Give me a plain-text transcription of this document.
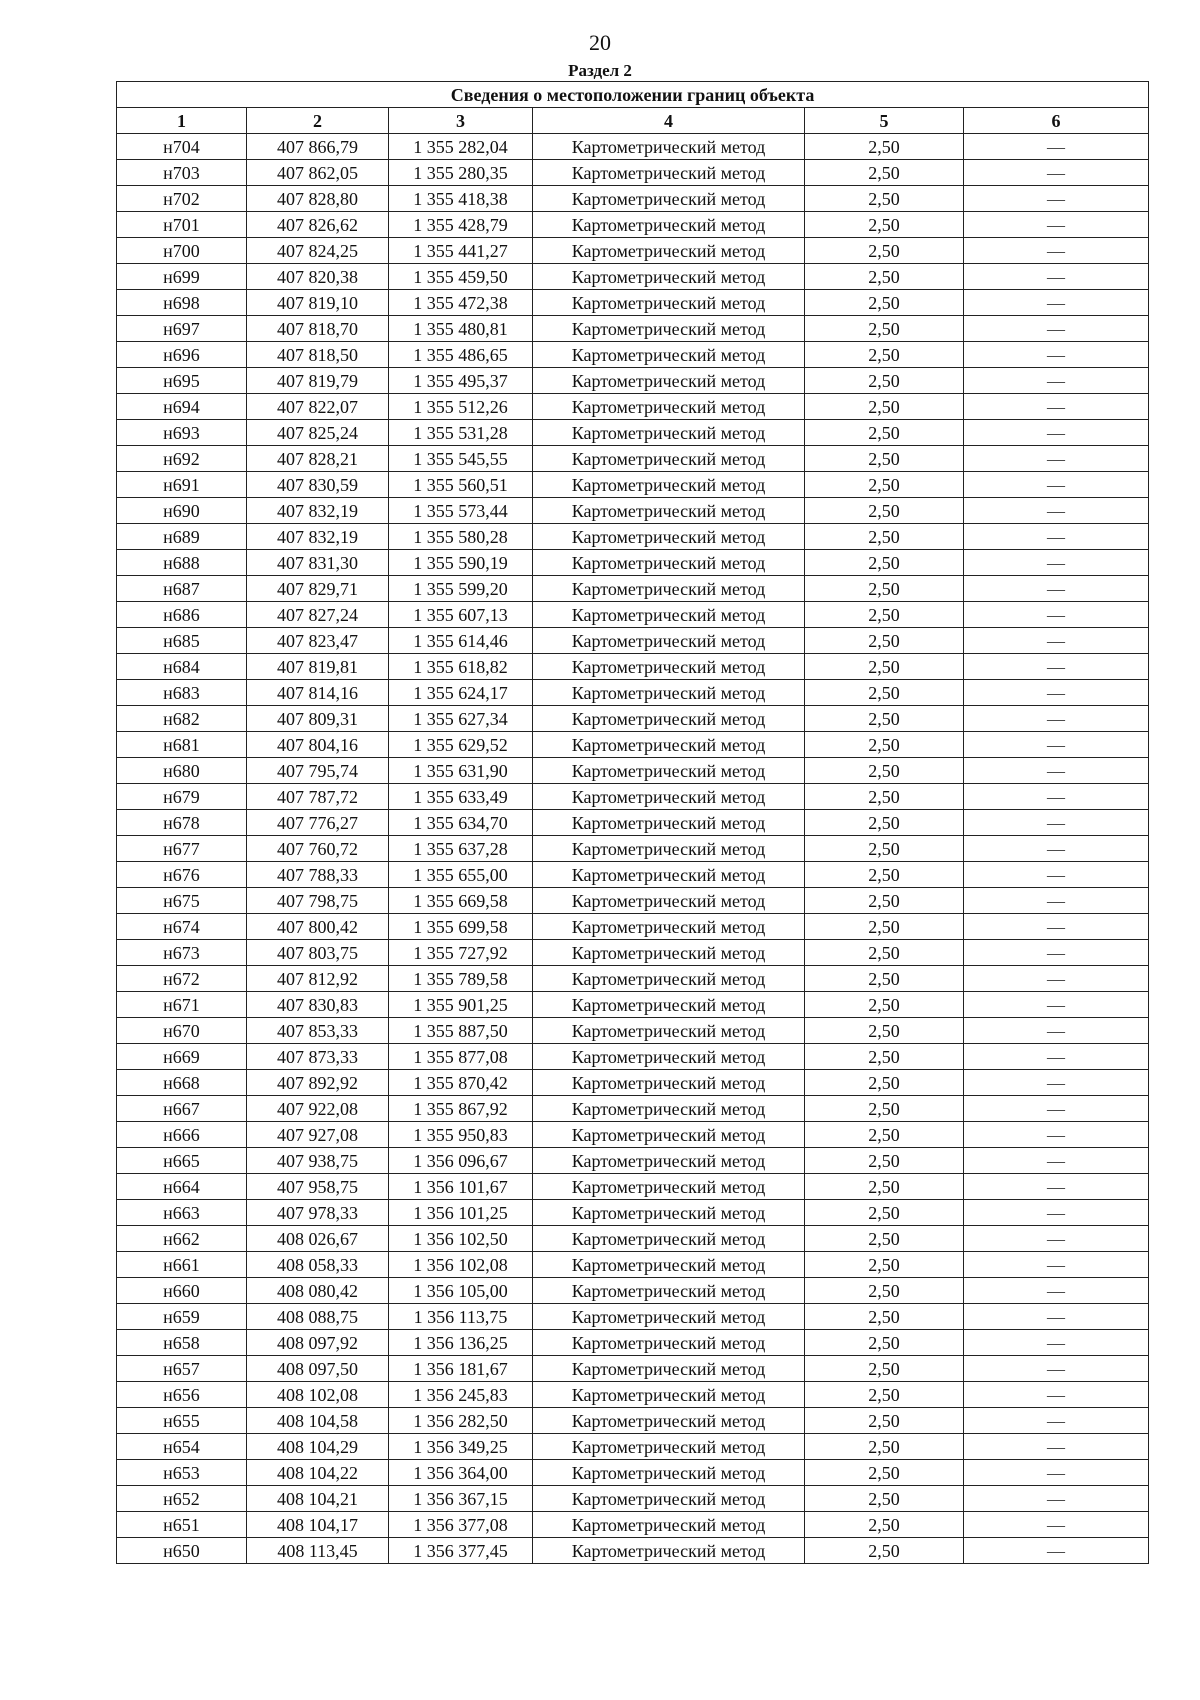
20
Раздел 2
Сведения о местоположении границ объекта					
1	2	3	4	5	6
н704	407 866,79	1 355 282,04	Картометрический метод	2,50	—
н703	407 862,05	1 355 280,35	Картометрический метод	2,50	—
н702	407 828,80	1 355 418,38	Картометрический метод	2,50	—
н701	407 826,62	1 355 428,79	Картометрический метод	2,50	—
н700	407 824,25	1 355 441,27	Картометрический метод	2,50	—
н699	407 820,38	1 355 459,50	Картометрический метод	2,50	—
н698	407 819,10	1 355 472,38	Картометрический метод	2,50	—
н697	407 818,70	1 355 480,81	Картометрический метод	2,50	—
н696	407 818,50	1 355 486,65	Картометрический метод	2,50	—
н695	407 819,79	1 355 495,37	Картометрический метод	2,50	—
н694	407 822,07	1 355 512,26	Картометрический метод	2,50	—
н693	407 825,24	1 355 531,28	Картометрический метод	2,50	—
н692	407 828,21	1 355 545,55	Картометрический метод	2,50	—
н691	407 830,59	1 355 560,51	Картометрический метод	2,50	—
н690	407 832,19	1 355 573,44	Картометрический метод	2,50	—
н689	407 832,19	1 355 580,28	Картометрический метод	2,50	—
н688	407 831,30	1 355 590,19	Картометрический метод	2,50	—
н687	407 829,71	1 355 599,20	Картометрический метод	2,50	—
н686	407 827,24	1 355 607,13	Картометрический метод	2,50	—
н685	407 823,47	1 355 614,46	Картометрический метод	2,50	—
н684	407 819,81	1 355 618,82	Картометрический метод	2,50	—
н683	407 814,16	1 355 624,17	Картометрический метод	2,50	—
н682	407 809,31	1 355 627,34	Картометрический метод	2,50	—
н681	407 804,16	1 355 629,52	Картометрический метод	2,50	—
н680	407 795,74	1 355 631,90	Картометрический метод	2,50	—
н679	407 787,72	1 355 633,49	Картометрический метод	2,50	—
н678	407 776,27	1 355 634,70	Картометрический метод	2,50	—
н677	407 760,72	1 355 637,28	Картометрический метод	2,50	—
н676	407 788,33	1 355 655,00	Картометрический метод	2,50	—
н675	407 798,75	1 355 669,58	Картометрический метод	2,50	—
н674	407 800,42	1 355 699,58	Картометрический метод	2,50	—
н673	407 803,75	1 355 727,92	Картометрический метод	2,50	—
н672	407 812,92	1 355 789,58	Картометрический метод	2,50	—
н671	407 830,83	1 355 901,25	Картометрический метод	2,50	—
н670	407 853,33	1 355 887,50	Картометрический метод	2,50	—
н669	407 873,33	1 355 877,08	Картометрический метод	2,50	—
н668	407 892,92	1 355 870,42	Картометрический метод	2,50	—
н667	407 922,08	1 355 867,92	Картометрический метод	2,50	—
н666	407 927,08	1 355 950,83	Картометрический метод	2,50	—
н665	407 938,75	1 356 096,67	Картометрический метод	2,50	—
н664	407 958,75	1 356 101,67	Картометрический метод	2,50	—
н663	407 978,33	1 356 101,25	Картометрический метод	2,50	—
н662	408 026,67	1 356 102,50	Картометрический метод	2,50	—
н661	408 058,33	1 356 102,08	Картометрический метод	2,50	—
н660	408 080,42	1 356 105,00	Картометрический метод	2,50	—
н659	408 088,75	1 356 113,75	Картометрический метод	2,50	—
н658	408 097,92	1 356 136,25	Картометрический метод	2,50	—
н657	408 097,50	1 356 181,67	Картометрический метод	2,50	—
н656	408 102,08	1 356 245,83	Картометрический метод	2,50	—
н655	408 104,58	1 356 282,50	Картометрический метод	2,50	—
н654	408 104,29	1 356 349,25	Картометрический метод	2,50	—
н653	408 104,22	1 356 364,00	Картометрический метод	2,50	—
н652	408 104,21	1 356 367,15	Картометрический метод	2,50	—
н651	408 104,17	1 356 377,08	Картометрический метод	2,50	—
н650	408 113,45	1 356 377,45	Картометрический метод	2,50	—
